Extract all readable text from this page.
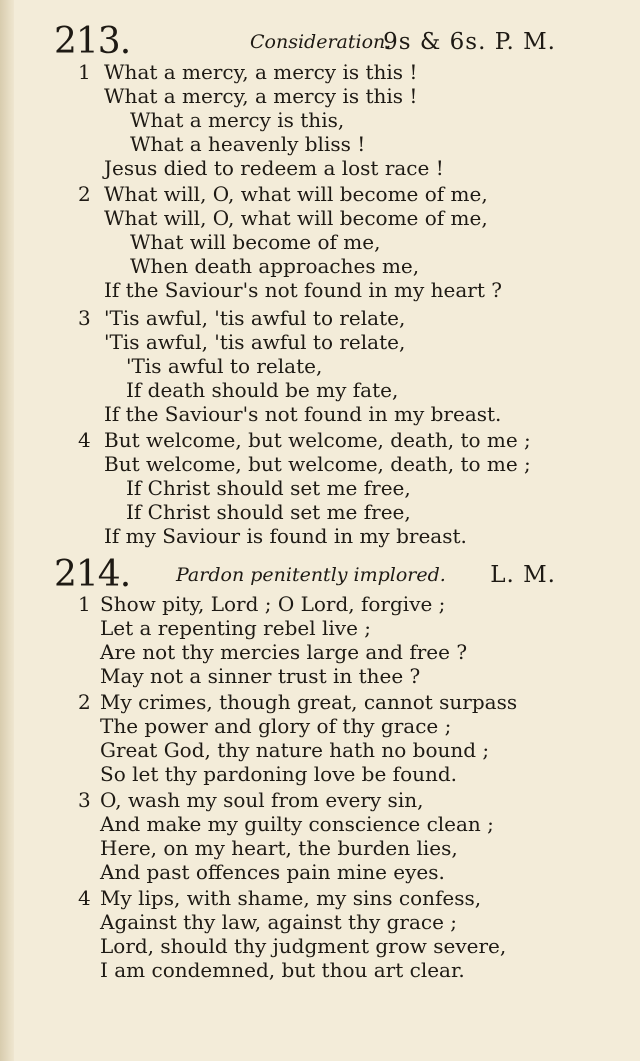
213.	Consideration.
9s & 6s. P. M.
1 What a mercy, a mercy is this !
What a mercy, a mercy is this !
What a mercy is this,
What a heavenly bliss !
Jesus died to redeem a lost race !
2 What will, O, what will become of me,
What will, O, what will become of me,
What will become of me,
When death approaches me,
If the Saviour's not found in my heart ?
3 'Tis awful, 'tis awful to relate,
'Tis awful, 'tis awful to relate,
'Tis awful to relate,
If death should be my fate,
If the Saviour's not found in my breast.
4 But welcome, but welcome, death, to me ;
But welcome, but welcome, death, to me ;
If Christ should set me free,
If Christ should set me free,
If my Saviour is found in my breast.
214. Pardon penitently implored. L. M.
1 Show pity, Lord ; O Lord, forgive ;
Let a repenting rebel live ;
Are not thy mercies large and free ?
May not a sinner trust in thee ?
2 My crimes, though great, cannot surpass
The power and glory of thy grace ;
Great God, thy nature hath no bound ;
So let thy pardoning love be found.
3 O, wash my soul from every sin,
And make my guilty conscience clean ;
Here, on my heart, the burden lies,
And past offences pain mine eyes.
4 My lips, with shame, my sins confess,
Against thy law, against thy grace ;
Lord, should thy judgment grow severe,
I am condemned, but thou art clear.
